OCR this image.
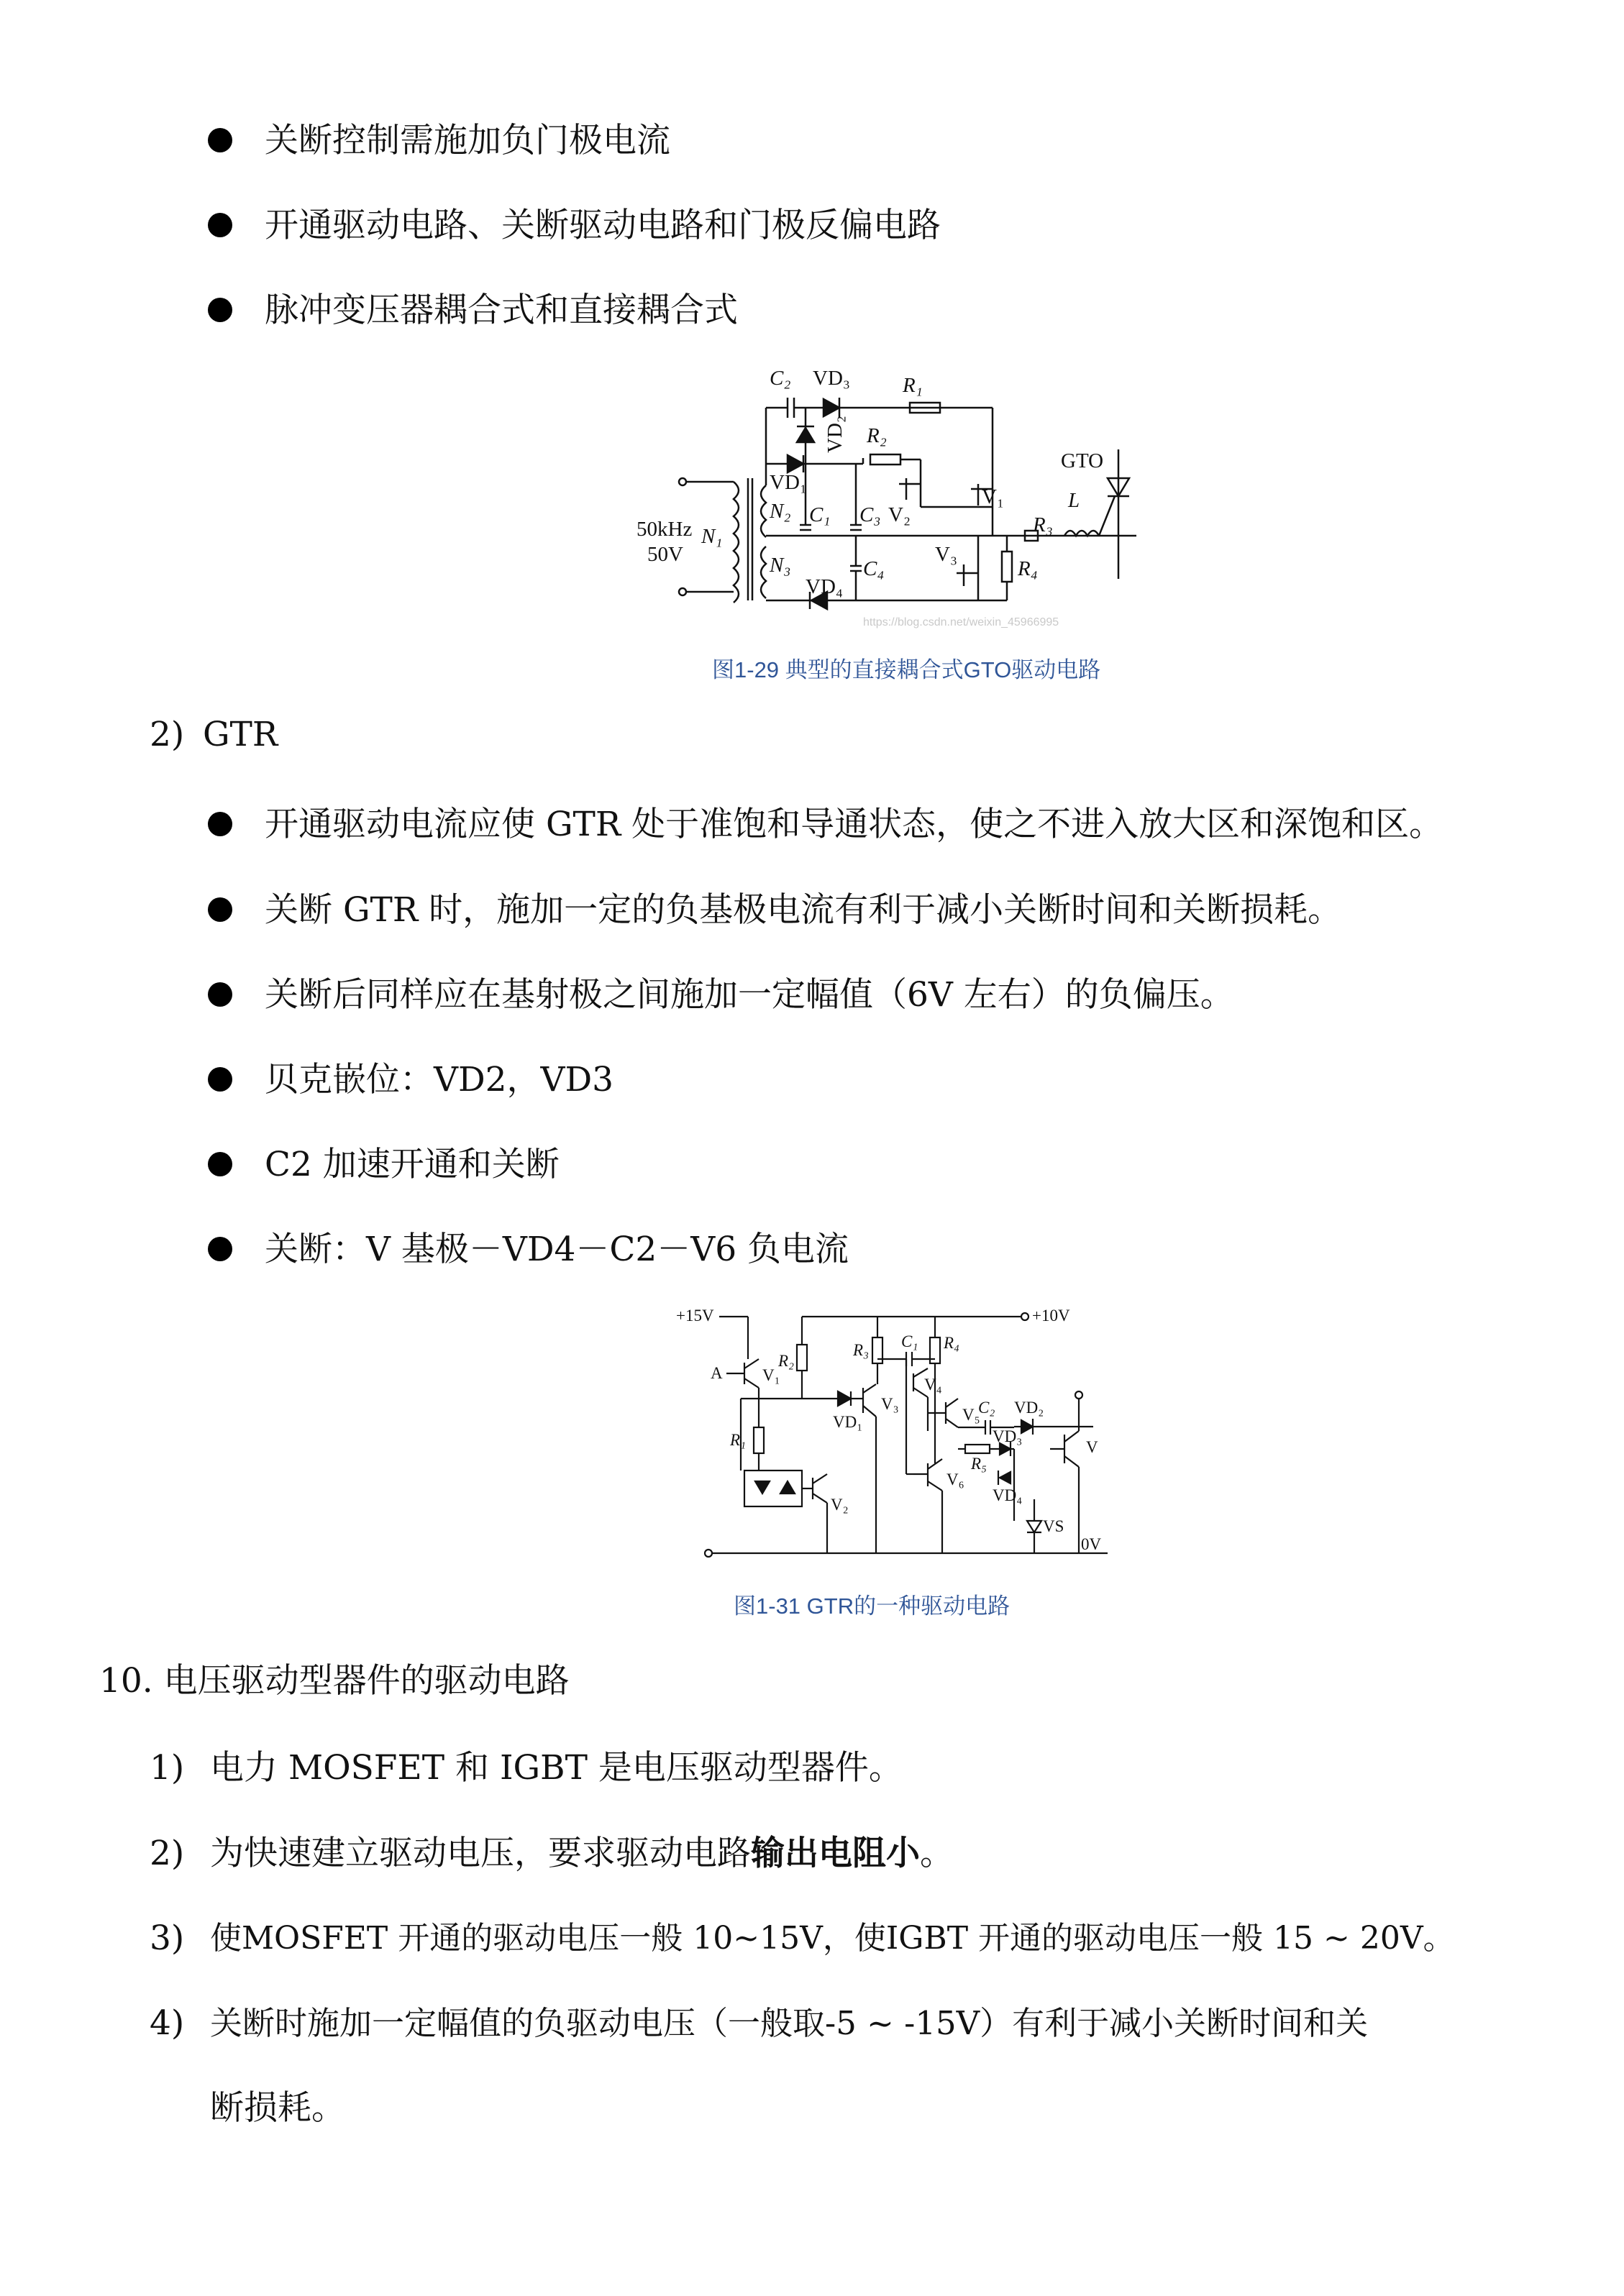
关断控制需施加负门极电流
开通驱动电路、关断驱动电路和门极反偏电路
脉冲变压器耦合式和直接耦合式
C₂ VD₃	R₁
VD₂ R₂
GTO
VD₁
N₂ C₁ C₃ V₂
V₁	L
R₃
50kHz
50V
N₁
N₃	C₄
V₃
R₄
VD₄
图1-29 典型的直接耦合式GTO驱动电路
2) GTR
开通驱动电流应使 GTR 处于准饱和导通状态，使之不进入放大区和深饱和区。
关断 GTR 时，施加一定的负基极电流有利于减小关断时间和关断损耗。
关断后同样应在基射极之间施加一定幅值（6V 左右）的负偏压。
贝克嵌位：VD2，VD3
C2 加速开通和关断
关断：V 基极－VD4－C2－V6 负电流
+15V	+10V
A V₁
R₂
R₃ C₁ R₄
V₄
V₅
C₂ VD₂
V₃
VD₁
R₁	VD₃
R₅
V
V₆
VD₄
VS
V₂
0V
图1-31 GTR的一种驱动电路
10. 电压驱动型器件的驱动电路
1) 电力 MOSFET 和 IGBT 是电压驱动型器件。
2) 为快速建立驱动电压，要求驱动电路输出电阻小。
3) 使MOSFET 开通的驱动电压一般 10~15V，使IGBT 开通的驱动电压一般 15 ~ 20V。
4) 关断时施加一定幅值的负驱动电压（一般取-5 ~ -15V）有利于减小关断时间和关
断损耗。
https://blog.csdn.net/weixin_45966995
